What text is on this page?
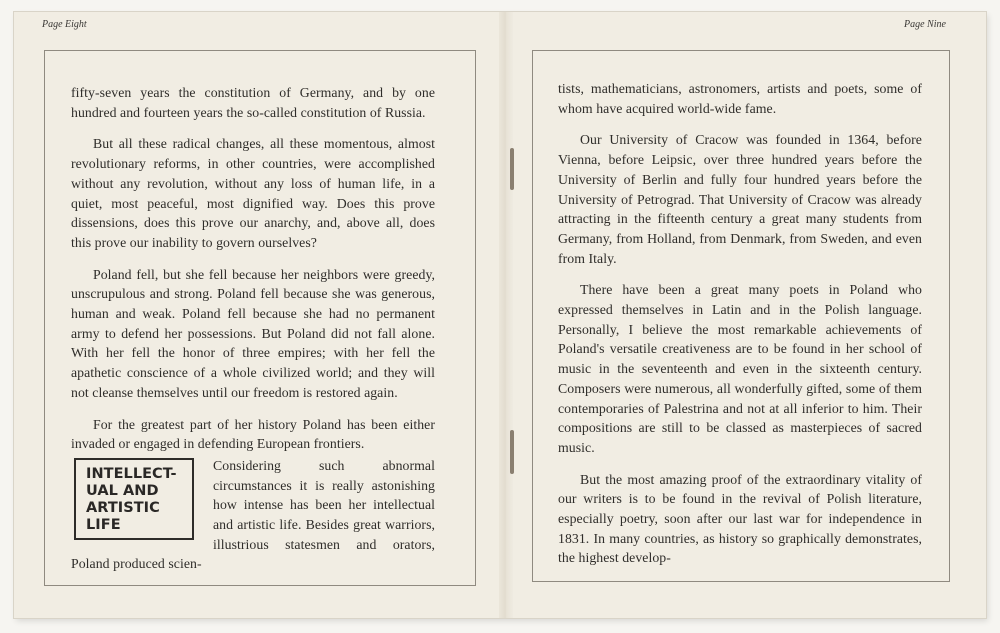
Page Eight

fifty-seven years the constitution of Germany, and by one hundred and fourteen years the so-called constitution of Russia.

But all these radical changes, all these momentous, almost revolutionary reforms, in other countries, were accomplished without any revolution, without any loss of human life, in a quiet, most peaceful, most dignified way. Does this prove dissensions, does this prove our anarchy, and, above all, does this prove our inability to govern ourselves?

Poland fell, but she fell because her neighbors were greedy, unscrupulous and strong. Poland fell because she was generous, human and weak. Poland fell because she had no permanent army to defend her possessions. But Poland did not fall alone. With her fell the honor of three empires; with her fell the apathetic conscience of a whole civilized world; and they will not cleanse themselves until our freedom is restored again.

For the greatest part of her history Poland has been either invaded or engaged in defending European frontiers.

INTELLECT-
UAL AND
ARTISTIC
LIFE

Considering such abnormal circumstances it is really astonishing how intense has been her intellectual and artistic life. Besides great warriors, illustrious statesmen and orators, Poland produced scien-

Page Nine

tists, mathematicians, astronomers, artists and poets, some of whom have acquired world-wide fame.

Our University of Cracow was founded in 1364, before Vienna, before Leipsic, over three hundred years before the University of Berlin and fully four hundred years before the University of Petrograd. That University of Cracow was already attracting in the fifteenth century a great many students from Germany, from Holland, from Denmark, from Sweden, and even from Italy.

There have been a great many poets in Poland who expressed themselves in Latin and in the Polish language. Personally, I believe the most remarkable achievements of Poland's versatile creativeness are to be found in her school of music in the seventeenth and even in the sixteenth century. Composers were numerous, all wonderfully gifted, some of them contemporaries of Palestrina and not at all inferior to him. Their compositions are still to be classed as masterpieces of sacred music.

But the most amazing proof of the extraordinary vitality of our writers is to be found in the revival of Polish literature, especially poetry, soon after our last war for independence in 1831. In many countries, as history so graphically demonstrates, the highest develop-
